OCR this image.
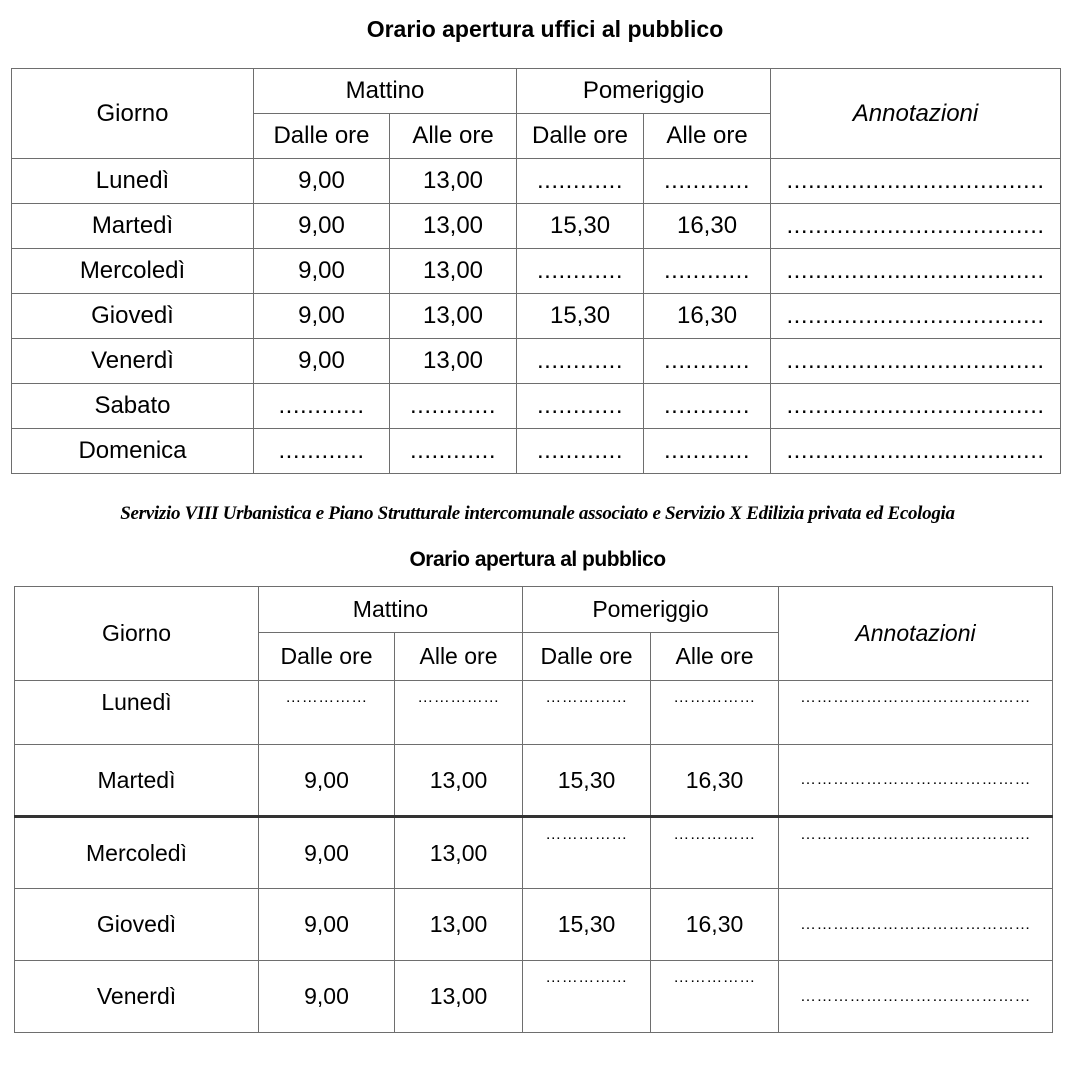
Orario apertura uffici al pubblico
Giorno	Mattino		Pomeriggio		Annotazioni
	Dalle ore	Alle ore	Dalle ore	Alle ore	
Lunedì	9,00	13,00	............	............	....................................
Martedì	9,00	13,00	15,30	16,30	....................................
Mercoledì	9,00	13,00	............	............	....................................
Giovedì	9,00	13,00	15,30	16,30	....................................
Venerdì	9,00	13,00	............	............	....................................
Sabato	............	............	............	............	....................................
Domenica	............	............	............	............	....................................
Servizio VIII Urbanistica e Piano Strutturale intercomunale associato e Servizio X Edilizia privata ed Ecologia
Orario apertura al pubblico
Giorno	Mattino		Pomeriggio		Annotazioni
	Dalle ore	Alle ore	Dalle ore	Alle ore	
Lunedì	……………	……………	……………	……………	……………………………………
Martedì	9,00	13,00	15,30	16,30	……………………………………
Mercoledì	9,00	13,00	……………	……………	……………………………………
Giovedì	9,00	13,00	15,30	16,30	……………………………………
Venerdì	9,00	13,00	……………	……………	……………………………………
